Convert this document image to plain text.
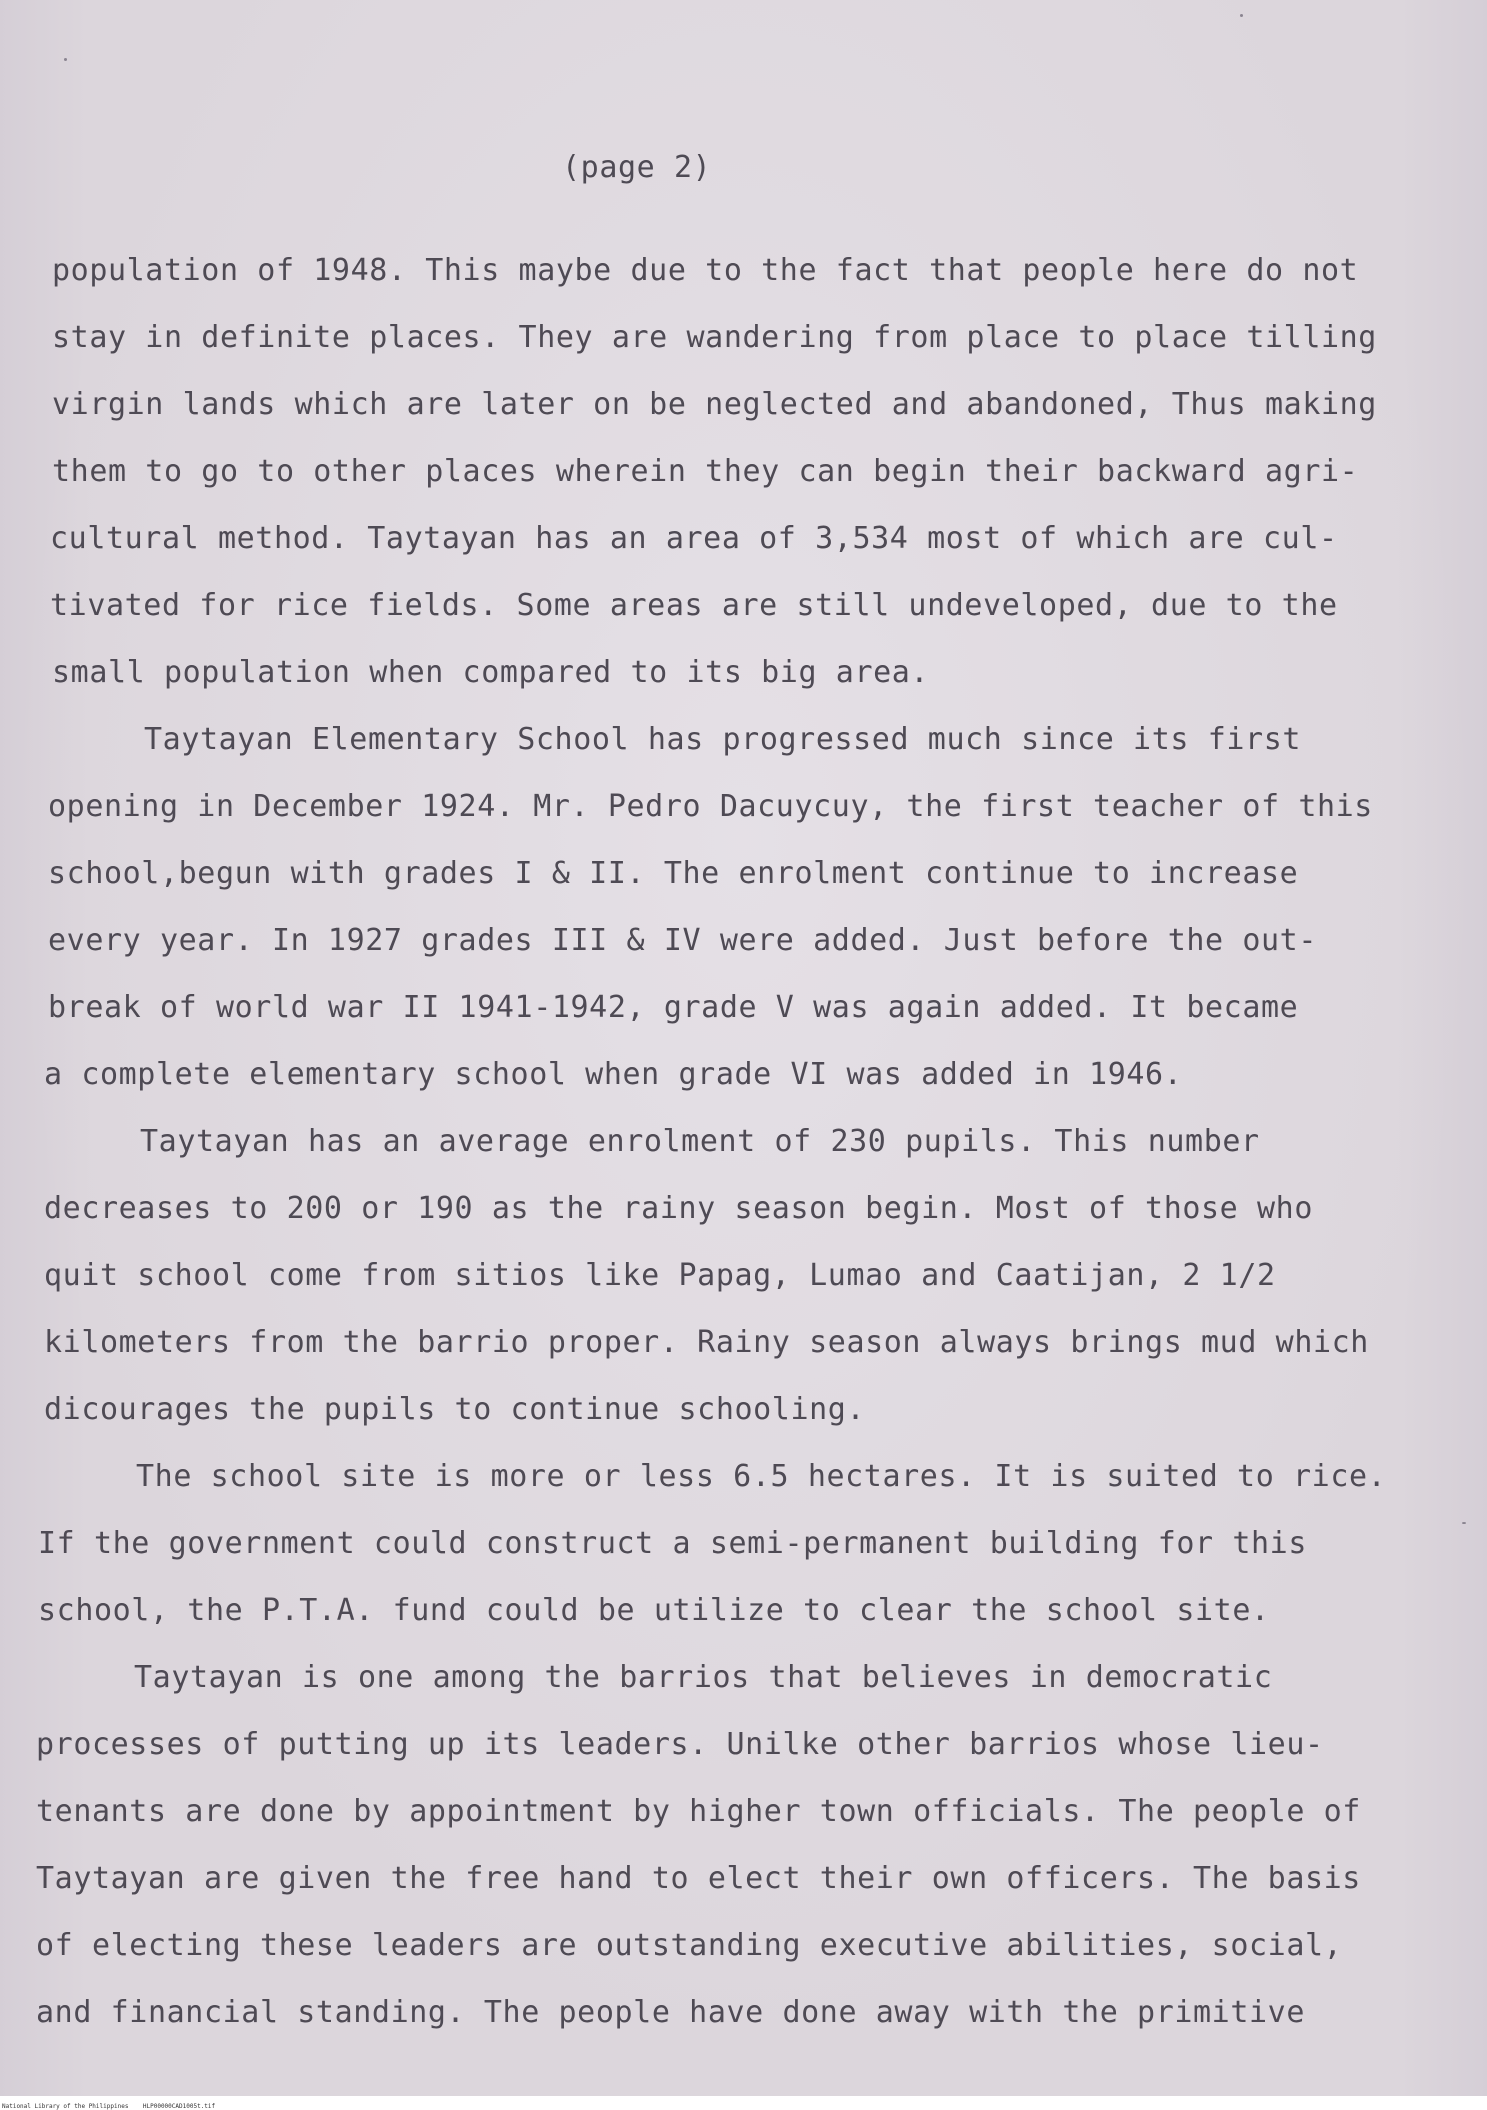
(page 2)

population of 1948. This maybe due to the fact that people here do not

stay in definite places. They are wandering from place to place tilling

virgin lands which are later on be neglected and abandoned, Thus making

them to go to other places wherein they can begin their backward agri-

cultural method. Taytayan has an area of 3,534 most of which are cul-

tivated for rice fields. Some areas are still undeveloped, due to the

small population when compared to its big area.

Taytayan Elementary School has progressed much since its first

opening in December 1924. Mr. Pedro Dacuycuy, the first teacher of this

school,begun with grades I & II. The enrolment continue to increase

every year. In 1927 grades III & IV were added. Just before the out-

break of world war II 1941-1942, grade V was again added. It became

a complete elementary school when grade VI was added in 1946.

Taytayan has an average enrolment of 230 pupils. This number

decreases to 200 or 190 as the rainy season begin. Most of those who

quit school come from sitios like Papag, Lumao and Caatijan, 2 1/2

kilometers from the barrio proper. Rainy season always brings mud which

dicourages the pupils to continue schooling.

The school site is more or less 6.5 hectares. It is suited to rice.

If the government could construct a semi-permanent building for this

school, the P.T.A. fund could be utilize to clear the school site.

Taytayan is one among the barrios that believes in democratic

processes of putting up its leaders. Unilke other barrios whose lieu-

tenants are done by appointment by higher town officials. The people of

Taytayan are given the free hand to elect their own officers. The basis

of electing these leaders are outstanding executive abilities, social,

and financial standing. The people have done away with the primitive

National Library of the Philippines    HLP00000CAD1005t.tif
